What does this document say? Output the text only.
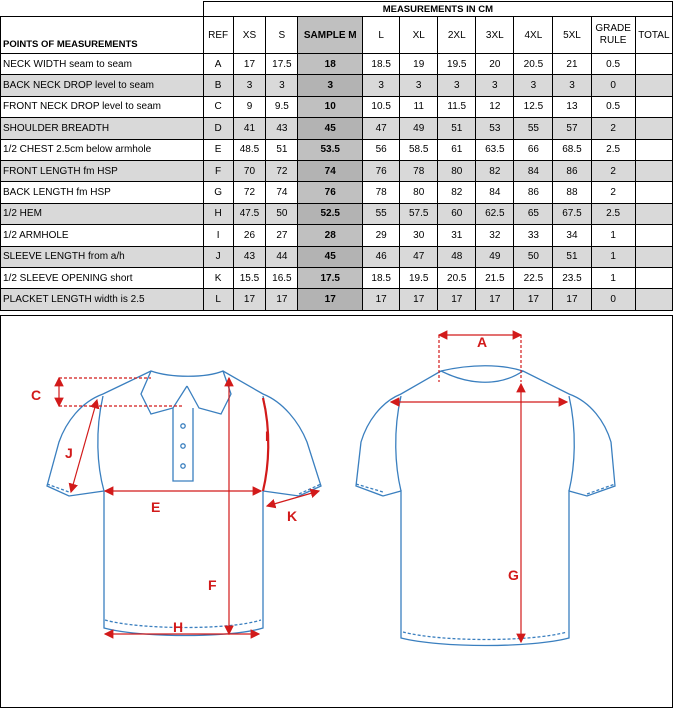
	MEASUREMENTS IN CM											
POINTS OF MEASUREMENTS	REF	XS	S	SAMPLE M	L	XL	2XL	3XL	4XL	5XL	GRADE RULE	TOTAL
NECK WIDTH seam to seam	A	17	17.5	18	18.5	19	19.5	20	20.5	21	0.5	
BACK NECK DROP level to seam	B	3	3	3	3	3	3	3	3	3	0	
FRONT NECK DROP level to seam	C	9	9.5	10	10.5	11	11.5	12	12.5	13	0.5	
SHOULDER BREADTH	D	41	43	45	47	49	51	53	55	57	2	
1/2 CHEST 2.5cm below armhole	E	48.5	51	53.5	56	58.5	61	63.5	66	68.5	2.5	
FRONT LENGTH fm HSP	F	70	72	74	76	78	80	82	84	86	2	
BACK LENGTH fm HSP	G	72	74	76	78	80	82	84	86	88	2	
1/2 HEM	H	47.5	50	52.5	55	57.5	60	62.5	65	67.5	2.5	
1/2 ARMHOLE	I	26	27	28	29	30	31	32	33	34	1	
SLEEVE LENGTH from a/h	J	43	44	45	46	47	48	49	50	51	1	
1/2 SLEEVE OPENING short	K	15.5	16.5	17.5	18.5	19.5	20.5	21.5	22.5	23.5	1	
PLACKET LENGTH width is 2.5	L	17	17	17	17	17	17	17	17	17	0	
C
J
E
I
K
F
H
A
G
